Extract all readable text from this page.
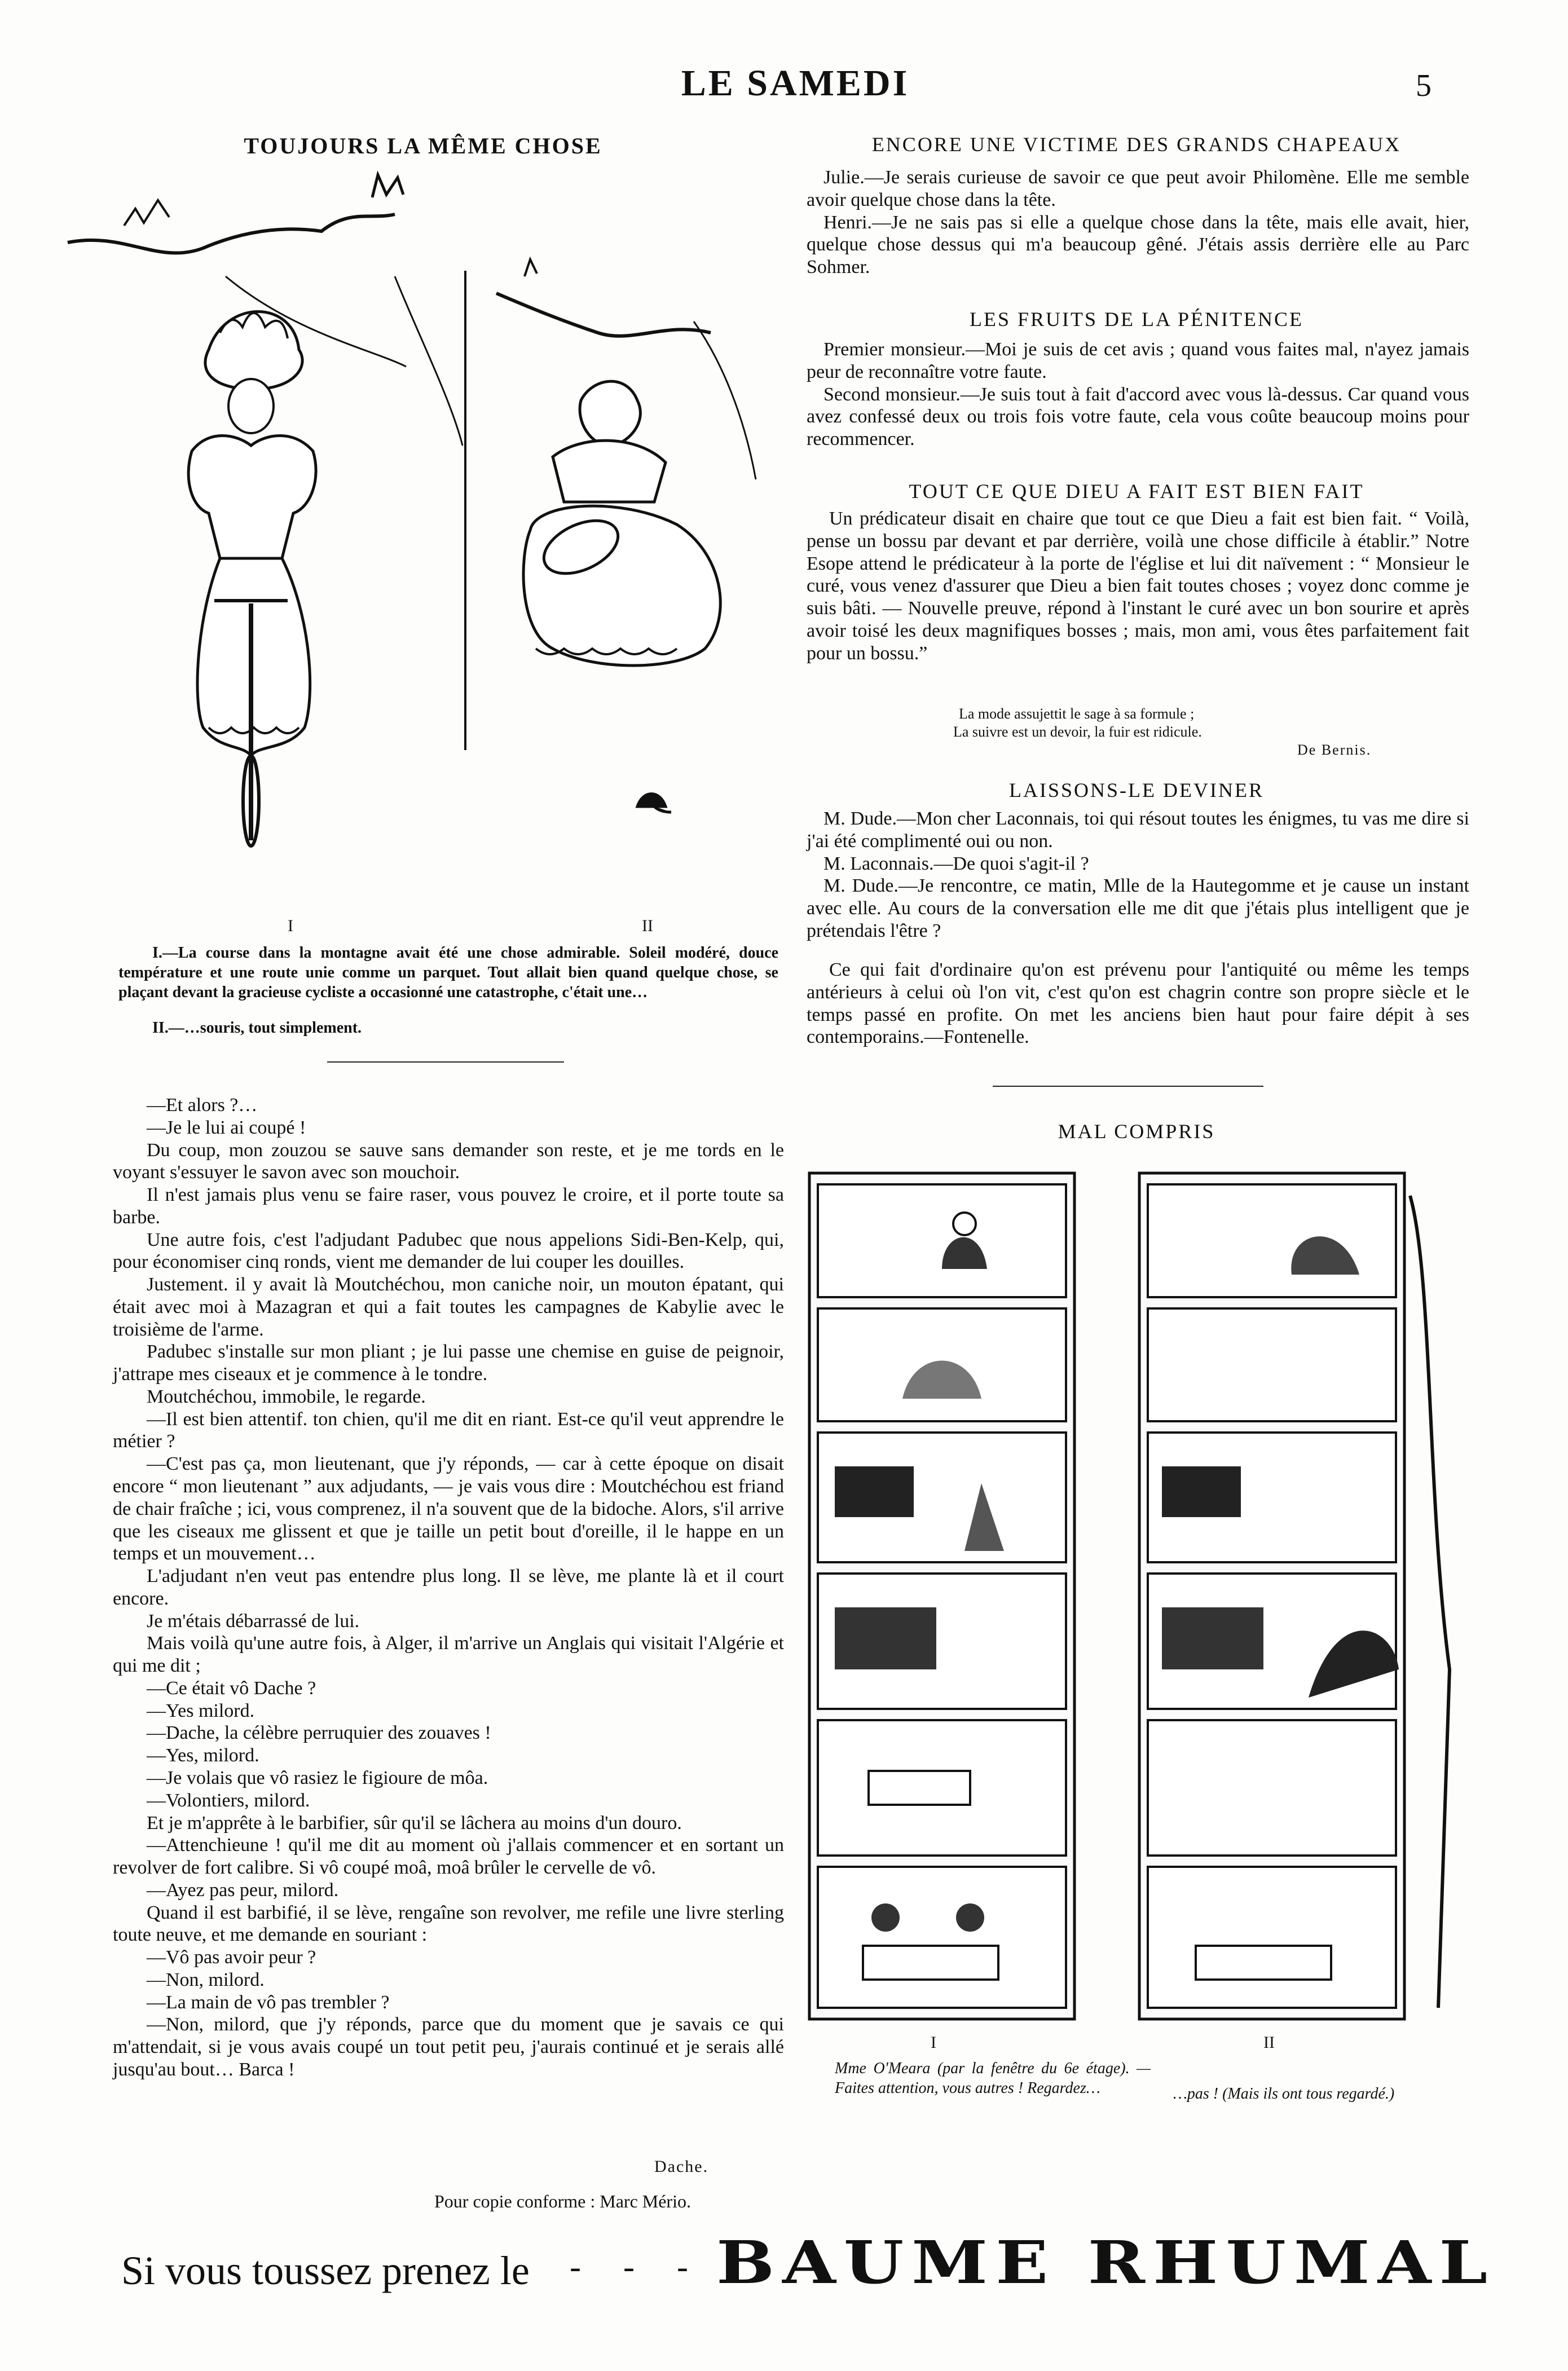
LE SAMEDI	5
TOUJOURS LA MÊME CHOSE
I	II

I.—La course dans la montagne avait été une chose admirable. Soleil modéré, douce température et une route unie comme un parquet. Tout allait bien quand quelque chose, se plaçant devant la gracieuse cycliste a occasionné une catastrophe, c'était une…

II.—…souris, tout simplement.

—Et alors ?…

—Je le lui ai coupé !

Du coup, mon zouzou se sauve sans demander son reste, et je me tords en le voyant s'essuyer le savon avec son mouchoir.

Il n'est jamais plus venu se faire raser, vous pouvez le croire, et il porte toute sa barbe.

Une autre fois, c'est l'adjudant Padubec que nous appelions Sidi-Ben-Kelp, qui, pour économiser cinq ronds, vient me demander de lui couper les douilles.

Justement. il y avait là Moutchéchou, mon caniche noir, un mouton épatant, qui était avec moi à Mazagran et qui a fait toutes les campagnes de Kabylie avec le troisième de l'arme.

Padubec s'installe sur mon pliant ; je lui passe une chemise en guise de peignoir, j'attrape mes ciseaux et je commence à le tondre.

Moutchéchou, immobile, le regarde.

—Il est bien attentif. ton chien, qu'il me dit en riant. Est-ce qu'il veut apprendre le métier ?

—C'est pas ça, mon lieutenant, que j'y réponds, — car à cette époque on disait encore “ mon lieutenant ” aux adjudants, — je vais vous dire : Moutchéchou est friand de chair fraîche ; ici, vous comprenez, il n'a souvent que de la bidoche. Alors, s'il arrive que les ciseaux me glissent et que je taille un petit bout d'oreille, il le happe en un temps et un mouvement…

L'adjudant n'en veut pas entendre plus long. Il se lève, me plante là et il court encore.

Je m'étais débarrassé de lui.

Mais voilà qu'une autre fois, à Alger, il m'arrive un Anglais qui visitait l'Algérie et qui me dit ;

—Ce était vô Dache ?

—Yes milord.

—Dache, la célèbre perruquier des zouaves !

—Yes, milord.

—Je volais que vô rasiez le figioure de môa.

—Volontiers, milord.

Et je m'apprête à le barbifier, sûr qu'il se lâchera au moins d'un douro.

—Attenchieune ! qu'il me dit au moment où j'allais commencer et en sortant un revolver de fort calibre. Si vô coupé moâ, moâ brûler le cervelle de vô.

—Ayez pas peur, milord.

Quand il est barbifié, il se lève, rengaîne son revolver, me refile une livre sterling toute neuve, et me demande en souriant :

—Vô pas avoir peur ?

—Non, milord.

—La main de vô pas trembler ?

—Non, milord, que j'y réponds, parce que du moment que je savais ce qui m'attendait, si je vous avais coupé un tout petit peu, j'aurais continué et je serais allé jusqu'au bout… Barca !

Dache.
Pour copie conforme : Marc Mério.
ENCORE UNE VICTIME DES GRANDS CHAPEAUX

Julie.—Je serais curieuse de savoir ce que peut avoir Philomène. Elle me semble avoir quelque chose dans la tête.

Henri.—Je ne sais pas si elle a quelque chose dans la tête, mais elle avait, hier, quelque chose dessus qui m'a beaucoup gêné. J'étais assis derrière elle au Parc Sohmer.

LES FRUITS DE LA PÉNITENCE

Premier monsieur.—Moi je suis de cet avis ; quand vous faites mal, n'ayez jamais peur de reconnaître votre faute.

Second monsieur.—Je suis tout à fait d'accord avec vous là-dessus. Car quand vous avez confessé deux ou trois fois votre faute, cela vous coûte beaucoup moins pour recommencer.

TOUT CE QUE DIEU A FAIT EST BIEN FAIT

Un prédicateur disait en chaire que tout ce que Dieu a fait est bien fait. “ Voilà, pense un bossu par devant et par derrière, voilà une chose difficile à établir.” Notre Esope attend le prédicateur à la porte de l'église et lui dit naïvement : “ Monsieur le curé, vous venez d'assurer que Dieu a bien fait toutes choses ; voyez donc comme je suis bâti. — Nouvelle preuve, répond à l'instant le curé avec un bon sourire et après avoir toisé les deux magnifiques bosses ; mais, mon ami, vous êtes parfaitement fait pour un bossu.”

La mode assujettit le sage à sa formule ;
La suivre est un devoir, la fuir est ridicule.
De Bernis.
LAISSONS-LE DEVINER

M. Dude.—Mon cher Laconnais, toi qui résout toutes les énigmes, tu vas me dire si j'ai été complimenté oui ou non.

M. Laconnais.—De quoi s'agit-il ?

M. Dude.—Je rencontre, ce matin, Mlle de la Hautegomme et je cause un instant avec elle. Au cours de la conversation elle me dit que j'étais plus intelligent que je prétendais l'être ?

Ce qui fait d'ordinaire qu'on est prévenu pour l'antiquité ou même les temps antérieurs à celui où l'on vit, c'est qu'on est chagrin contre son propre siècle et le temps passé en profite. On met les anciens bien haut pour faire dépit à ses contemporains.—Fontenelle.

MAL COMPRIS
I	II

Mme O'Meara (par la fenêtre du 6e étage). — Faites attention, vous autres ! Regardez…	…pas ! (Mais ils ont tous regardé.)

Si vous toussez prenez le - - - BAUME RHUMAL
